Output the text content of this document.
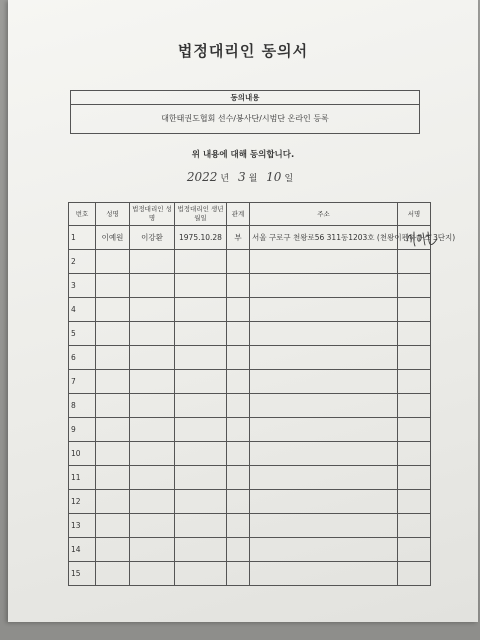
법정대리인 동의서
동의내용
대한태권도협회 선수/봉사단/시범단 온라인 등록
위 내용에 대해 동의합니다.
2022 년 3 월 10 일
번호	성명	법정대리인 성명	법정대리인 생년월일	관계	주소	서명
1	이예원	이강환	1975.10.28	부	서울 구로구 천왕로56 311동1203호 (천왕이펜하우스 3단지)	

2						
3						
4						
5						
6						
7						
8						
9						
10						
11						
12						
13						
14						
15						
